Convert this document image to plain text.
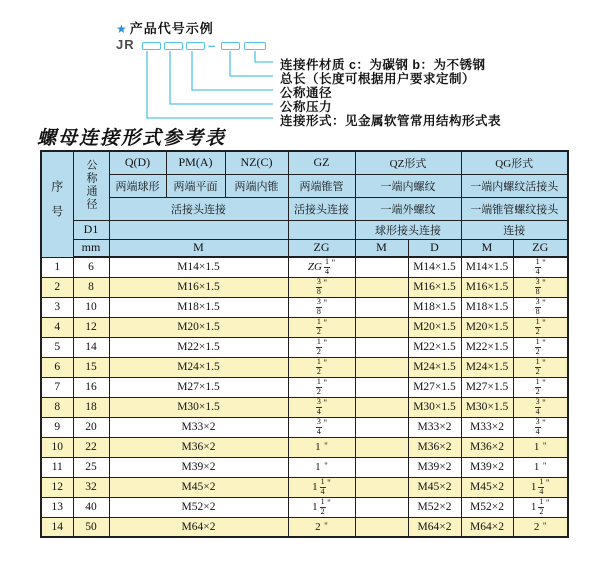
★ 产品代号示例
JR	–
连接件材质 c：为碳钢 b：为不锈钢
总长（长度可根据用户要求定制）
公称通径
公称压力
连接形式：见金属软管常用结构形式表
螺母连接形式参考表
序号	公称通径	Q(D)	PM(A)	NZ(C)	GZ	QZ形式		QG形式	
		两端球形	两端平面	两端内锥	两端锥管	一端内螺纹		一端内螺纹活接头	
		活接头连接			活接头连接	一端外螺纹		一端锥管螺纹接头	
	D1					球形接头连接		连接	
	mm	M			ZG	M	D	M	ZG
1	6	M14×1.5			ZG $\frac{1}{4} ^"$		M14×1.5	M14×1.5	$\frac{1}{4} ^"$
2	8	M16×1.5			$\frac{3}{8} ^"$		M16×1.5	M16×1.5	$\frac{3}{8} ^"$
3	10	M18×1.5			$\frac{3}{8} ^"$		M18×1.5	M18×1.5	$\frac{3}{8} ^"$
4	12	M20×1.5			$\frac{1}{2} ^"$		M20×1.5	M20×1.5	$\frac{1}{2} ^"$
5	14	M22×1.5			$\frac{1}{2} ^"$		M22×1.5	M22×1.5	$\frac{1}{2} ^"$
6	15	M24×1.5			$\frac{1}{2} ^"$		M24×1.5	M24×1.5	$\frac{1}{2} ^"$
7	16	M27×1.5			$\frac{1}{2} ^"$		M27×1.5	M27×1.5	$\frac{1}{2} ^"$
8	18	M30×1.5			$\frac{3}{4} ^"$		M30×1.5	M30×1.5	$\frac{3}{4} ^"$
9	20	M33×2			$\frac{3}{4} ^"$		M33×2	M33×2	$\frac{3}{4} ^"$
10	22	M36×2			1 "		M36×2	M36×2	1 "
11	25	M39×2			1 "		M39×2	M39×2	1 "
12	32	M45×2			$1 \frac{1}{4} ^"$		M45×2	M45×2	$1 \frac{1}{4} ^"$
13	40	M52×2			$1 \frac{1}{2} ^"$		M52×2	M52×2	$1 \frac{1}{2} ^"$
14	50	M64×2			2 "		M64×2	M64×2	2 "
